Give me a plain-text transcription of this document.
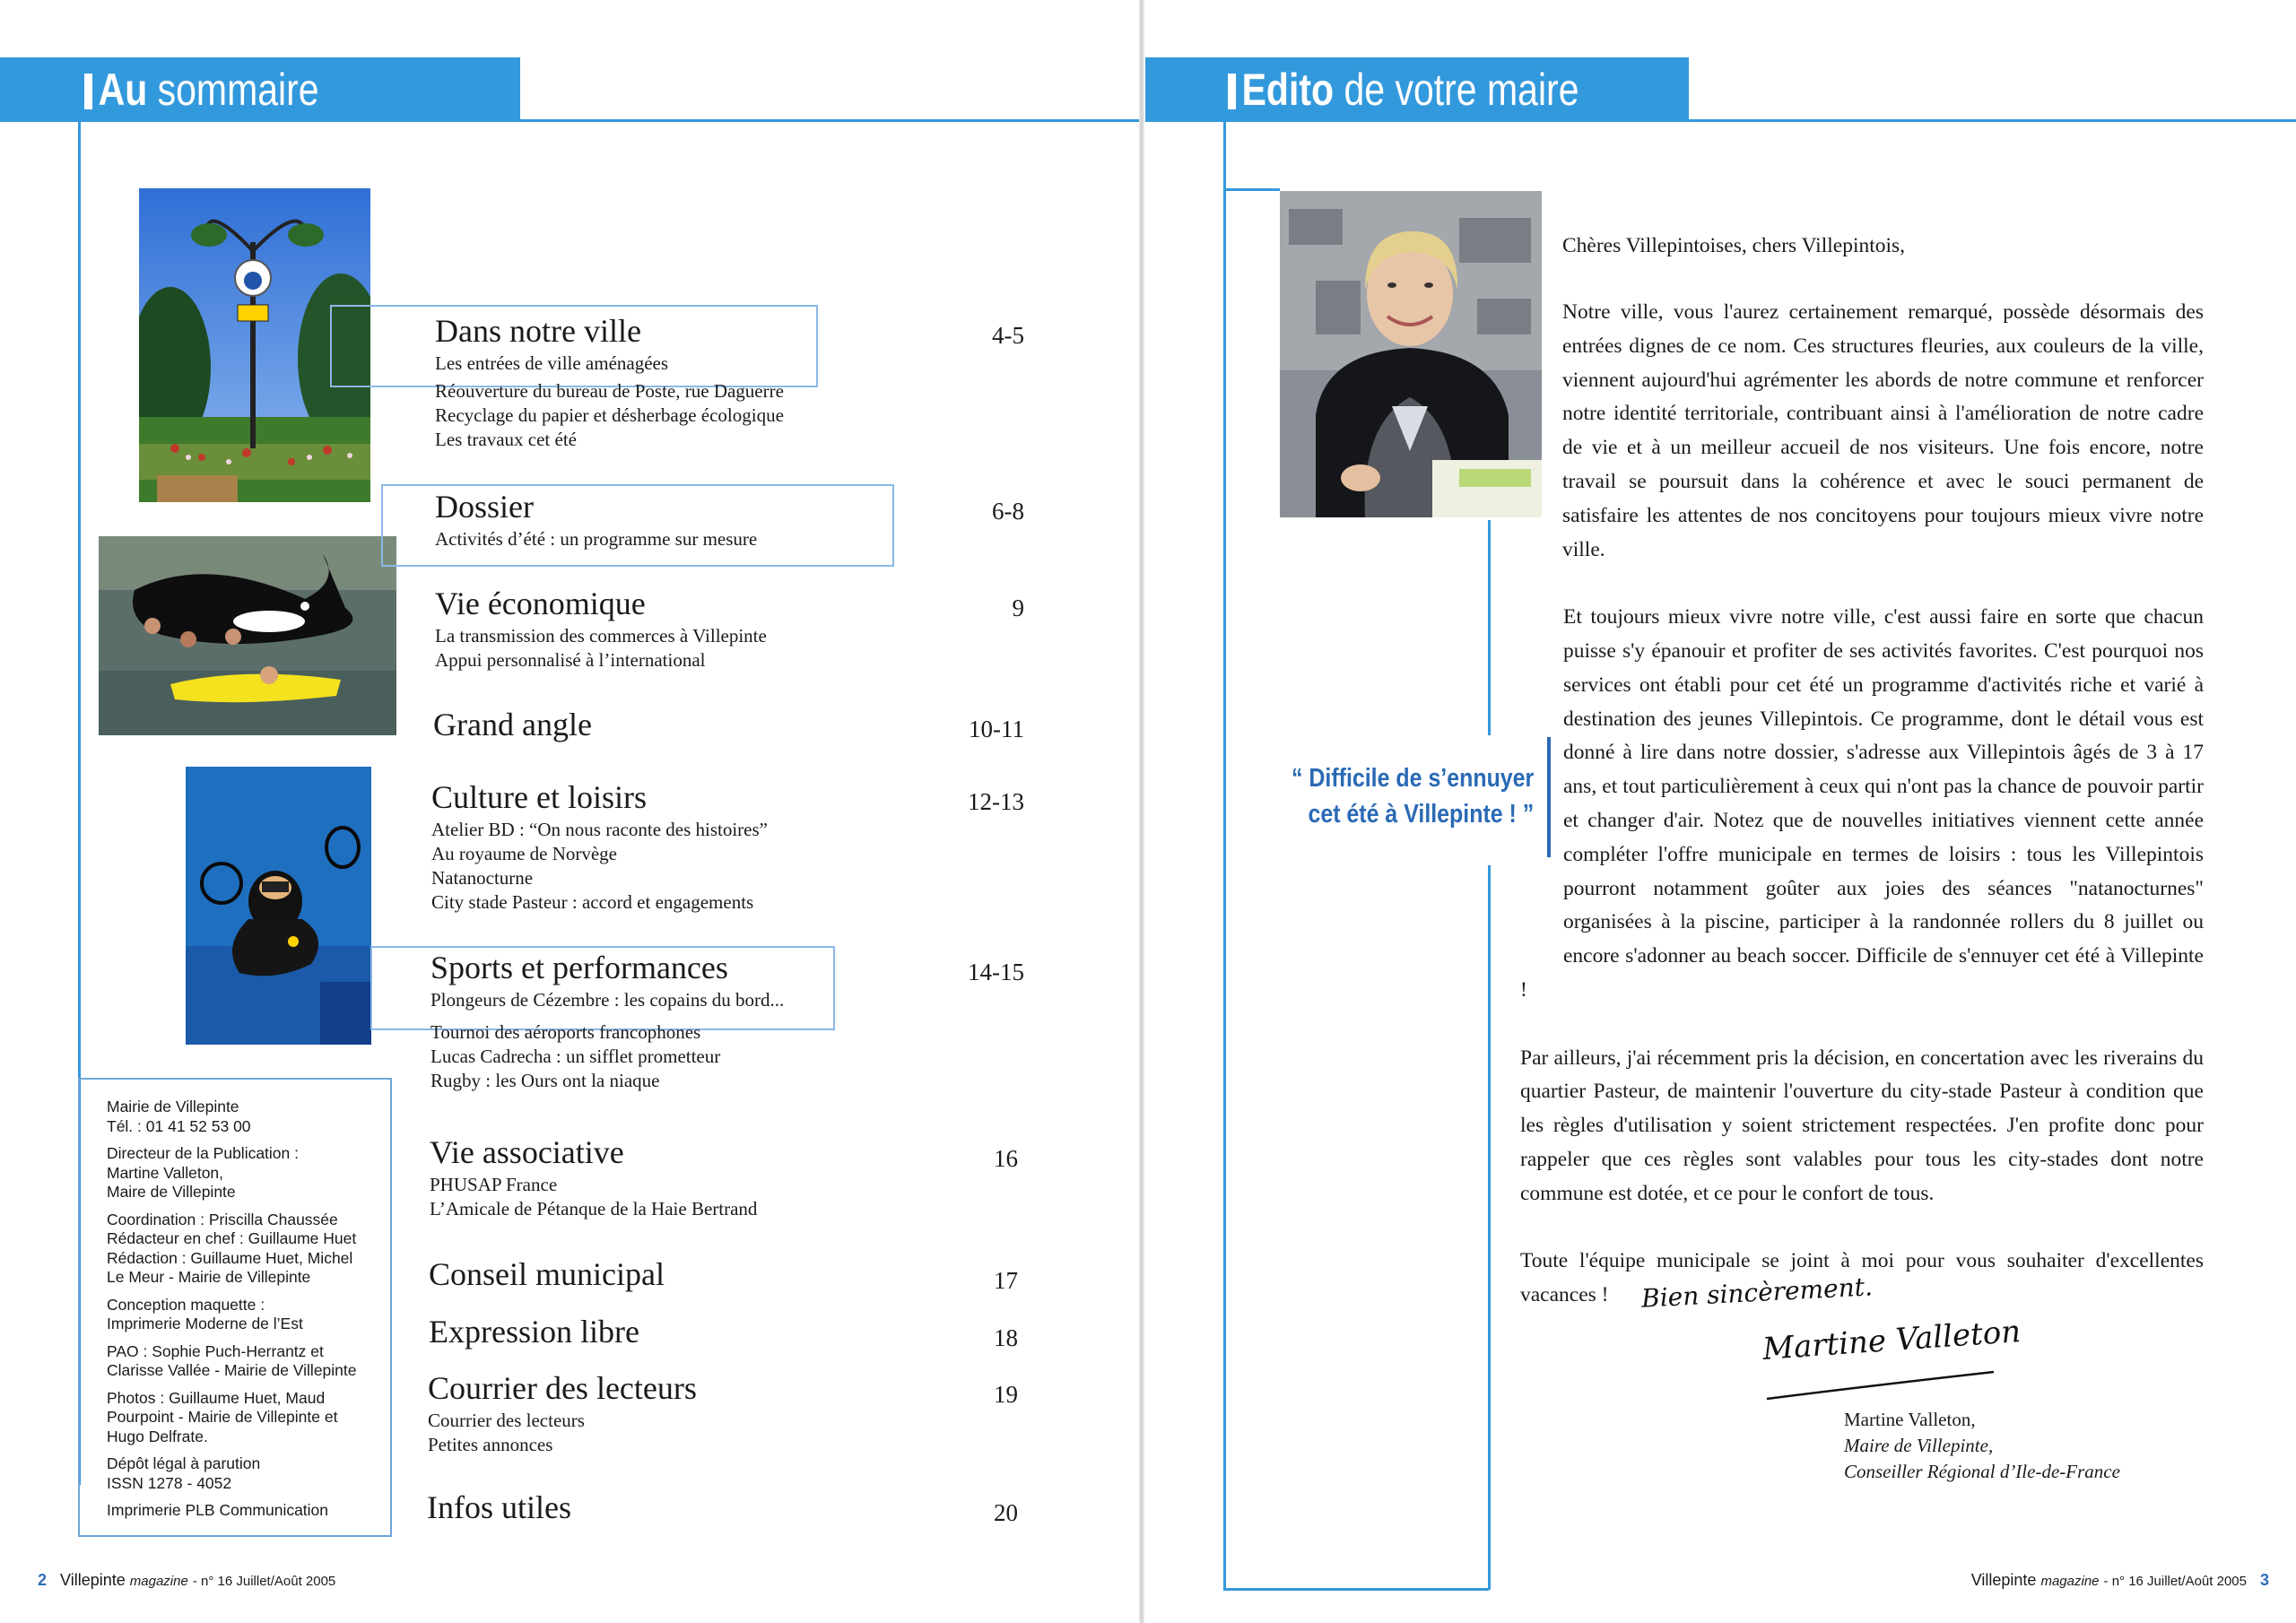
Au sommaire
Dans notre ville
Les entrées de ville aménagées
Réouverture du bureau de Poste, rue Daguerre
Recyclage du papier et désherbage écologique
Les travaux cet été
4-5
Dossier
Activités d’été : un programme sur mesure
6-8
Vie économique
La transmission des commerces à Villepinte
Appui personnalisé à l’international
9
Grand angle	10-11
Culture et loisirs
Atelier BD : “On nous raconte des histoires”
Au royaume de Norvège
Natanocturne
City stade Pasteur : accord et engagements
12-13
Sports et performances
Plongeurs de Cézembre : les copains du bord...
Tournoi des aéroports francophones
Lucas Cadrecha : un sifflet prometteur
Rugby : les Ours ont la niaque
14-15
Vie associative
PHUSAP France
L’Amicale de Pétanque de la Haie Bertrand
16
Conseil municipal	17
Expression libre	18
Courrier des lecteurs
Courrier des lecteurs
Petites annonces
19
Infos utiles	20
Mairie de Villepinte
Tél. : 01 41 52 53 00
Directeur de la Publication :
Martine Valleton,
Maire de Villepinte
Coordination : Priscilla Chaussée
Rédacteur en chef : Guillaume Huet
Rédaction : Guillaume Huet, Michel
Le Meur - Mairie de Villepinte
Conception maquette :
Imprimerie Moderne de l’Est
PAO : Sophie Puch-Herrantz et
Clarisse Vallée - Mairie de Villepinte
Photos : Guillaume Huet, Maud
Pourpoint - Mairie de Villepinte et
Hugo Delfrate.
Dépôt légal à parution
ISSN 1278 - 4052
Imprimerie PLB Communication
2 Villepinte magazine - n° 16 Juillet/Août 2005
Edito de votre maire
“ Difficile de s’ennuyer
cet été à Villepinte ! ”
Chères Villepintoises, chers Villepintois,

Notre ville, vous l'aurez certainement remarqué, possède désormais des entrées dignes de ce nom. Ces structures fleuries, aux couleurs de la ville, viennent aujourd'hui agrémenter les abords de notre commune et renforcer notre identité territoriale, contribuant ainsi à l'amélioration de notre cadre de vie et à un meilleur accueil de nos visiteurs. Une fois encore, notre travail se poursuit dans la cohérence et avec le souci permanent de satisfaire les attentes de nos concitoyens pour toujours mieux vivre notre ville.

Et toujours mieux vivre notre ville, c'est aussi faire en sorte que chacun puisse s'y épanouir et profiter de ses activités favorites. C'est pourquoi nos services ont établi pour cet été un programme d'activités riche et varié à destination des jeunes Villepintois. Ce programme, dont le détail vous est donné à lire dans notre dossier, s'adresse aux Villepintois âgés de 3 à 17 ans, et tout particulièrement à ceux qui n'ont pas la chance de pouvoir partir et changer d'air. Notez que de nouvelles initiatives viennent cette année compléter l'offre municipale en termes de loisirs : tous les Villepintois pourront notamment goûter aux joies des séances "natanocturnes" organisées à la piscine, participer à la randonnée rollers du 8 juillet ou encore s'adonner au beach soccer. Difficile de s'ennuyer cet été à Villepinte !

Par ailleurs, j'ai récemment pris la décision, en concertation avec les riverains du quartier Pasteur, de maintenir l'ouverture du city-stade Pasteur à condition que les règles d'utilisation y soient strictement respectées. J'en profite donc pour rappeler que ces règles sont valables pour tous les city-stades dont notre commune est dotée, et ce pour le confort de tous.

Toute l'équipe municipale se joint à moi pour vous souhaiter d'excellentes vacances !	Bien sincèrement.
Martine Valleton
Martine Valleton,
Maire de Villepinte,
Conseiller Régional d’Ile-de-France
Villepinte magazine - n° 16 Juillet/Août 2005 3
